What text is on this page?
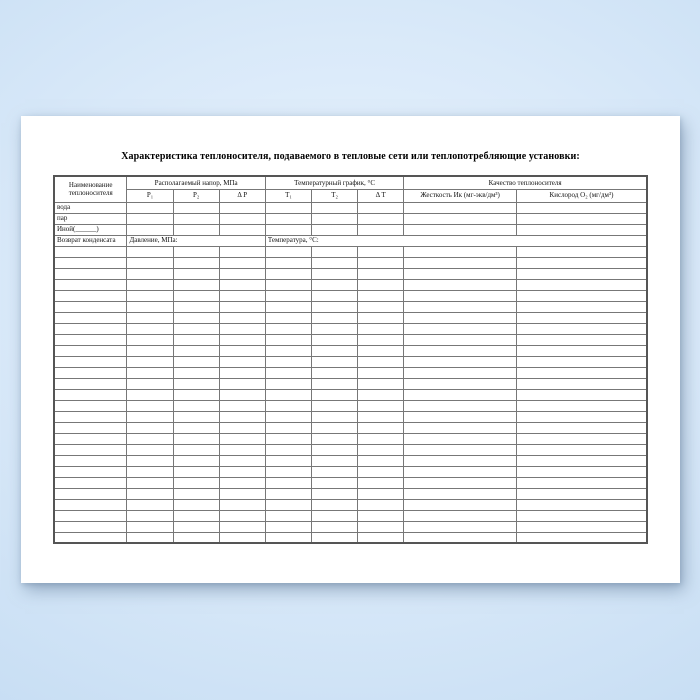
Характеристика теплоносителя, подаваемого в тепловые сети или теплопотребляющие установки:
Наименование теплоносителя	Располагаемый напор, МПа			Температурный график, °С			Качество теплоносителя	
	P₁	P₂	Δ P	T₁	T₂	Δ T	Жесткость Ик (мг-экв/дм³)	Кислород О₂ (мг/дм³)
вода								
пар								
Иной(______)								
Возврат конденсата	Давление, МПа:			Температура, °С:				
